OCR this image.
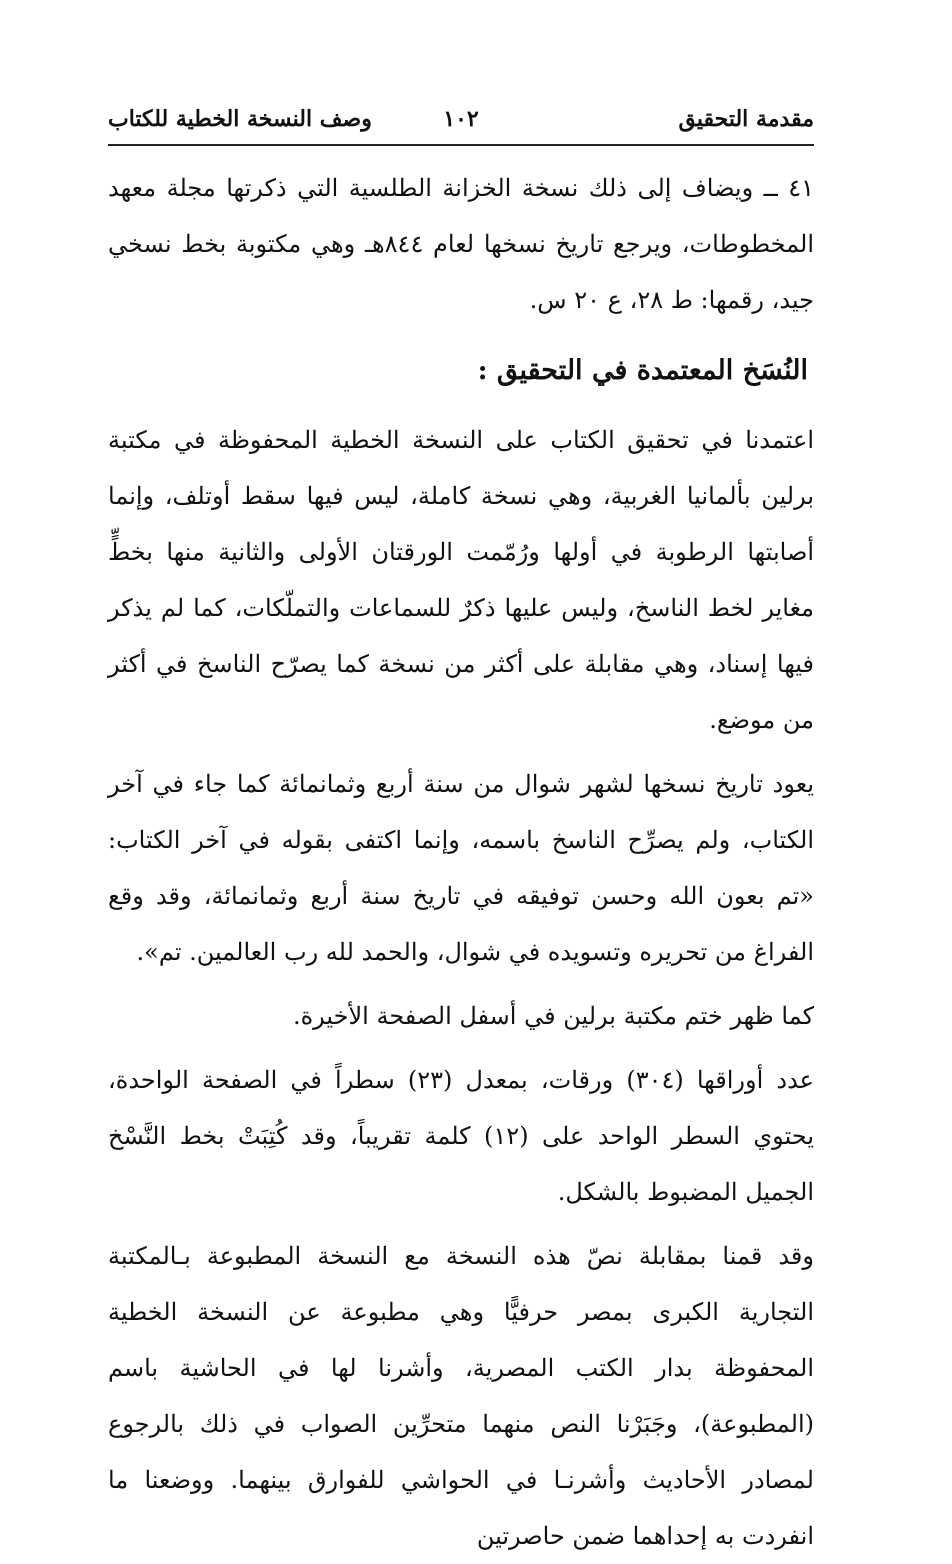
مقدمة التحقيق
١٠٢
وصف النسخة الخطية للكتاب

٤١ ــ ويضاف إلى ذلك نسخة الخزانة الطلسية التي ذكرتها مجلة معهد المخطوطات، ويرجع تاريخ نسخها لعام ٨٤٤هـ وهي مكتوبة بخط نسخي جيد، رقمها: ط ٢٨، ع ٢٠ س.

النُسَخ المعتمدة في التحقيق :

اعتمدنا في تحقيق الكتاب على النسخة الخطية المحفوظة في مكتبة برلين بألمانيا الغربية، وهي نسخة كاملة، ليس فيها سقط أوتلف، وإنما أصابتها الرطوبة في أولها ورُمّمت الورقتان الأولى والثانية منها بخطٍّ مغاير لخط الناسخ، وليس عليها ذكرٌ للسماعات والتملّكات، كما لم يذكر فيها إسناد، وهي مقابلة على أكثر من نسخة كما يصرّح الناسخ في أكثر من موضع.

يعود تاريخ نسخها لشهر شوال من سنة أربع وثمانمائة كما جاء في آخر الكتاب، ولم يصرِّح الناسخ باسمه، وإنما اكتفى بقوله في آخر الكتاب: «تم بعون الله وحسن توفيقه في تاريخ سنة أربع وثمانمائة، وقد وقع الفراغ من تحريره وتسويده في شوال، والحمد لله رب العالمين. تم».

كما ظهر ختم مكتبة برلين في أسفل الصفحة الأخيرة.

عدد أوراقها (٣٠٤) ورقات، بمعدل (٢٣) سطراً في الصفحة الواحدة، يحتوي السطر الواحد على (١٢) كلمة تقريباً، وقد كُتِبَتْ بخط النَّسْخ الجميل المضبوط بالشكل.

وقد قمنا بمقابلة نصّ هذه النسخة مع النسخة المطبوعة بـالمكتبة التجارية الكبرى بمصر حرفيًّا وهي مطبوعة عن النسخة الخطية المحفوظة بدار الكتب المصرية، وأشرنا لها في الحاشية باسم (المطبوعة)، وجَبَرْنا النص منهما متحرِّين الصواب في ذلك بالرجوع لمصادر الأحاديث وأشرنـا في الحواشي للفوارق بينهما. ووضعنا ما انفردت به إحداهما ضمن حاصرتين
